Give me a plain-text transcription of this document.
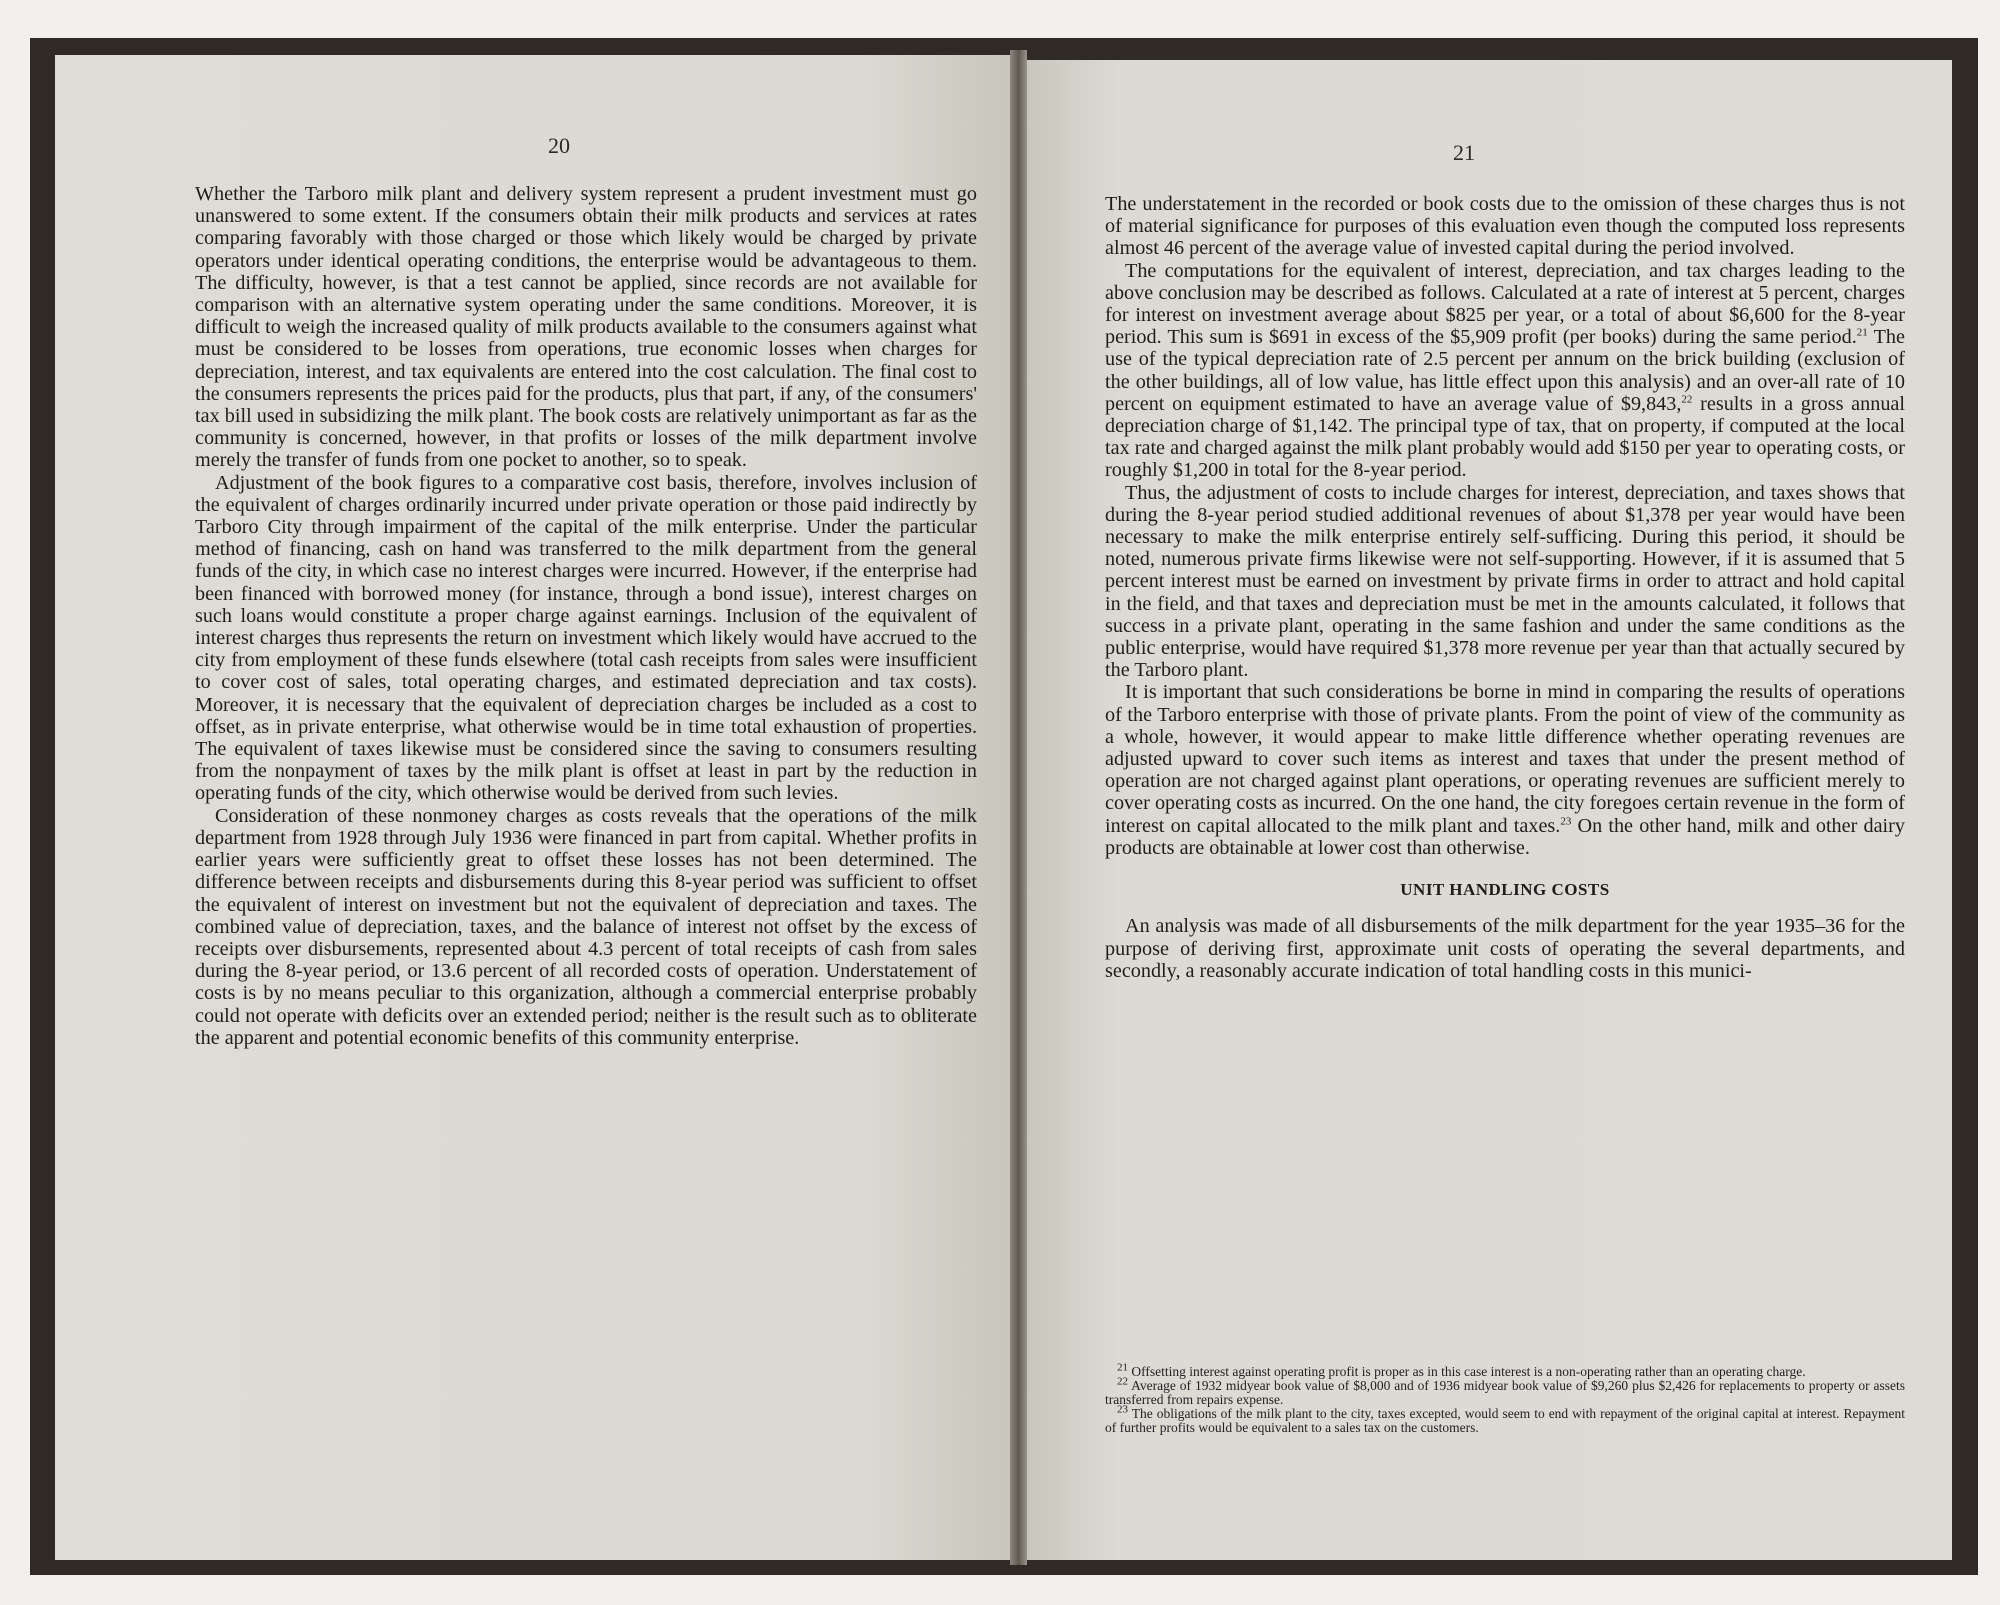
20

Whether the Tarboro milk plant and delivery system represent a prudent investment must go unanswered to some extent. If the consumers obtain their milk products and services at rates comparing favorably with those charged or those which likely would be charged by private operators under identical operating conditions, the enterprise would be advantageous to them. The difficulty, however, is that a test cannot be applied, since records are not available for comparison with an alternative system operating under the same conditions. Moreover, it is difficult to weigh the increased quality of milk products available to the consumers against what must be considered to be losses from operations, true economic losses when charges for depreciation, interest, and tax equivalents are entered into the cost calculation. The final cost to the consumers represents the prices paid for the products, plus that part, if any, of the consumers' tax bill used in subsidizing the milk plant. The book costs are relatively unimportant as far as the community is concerned, however, in that profits or losses of the milk department involve merely the transfer of funds from one pocket to another, so to speak.

Adjustment of the book figures to a comparative cost basis, therefore, involves inclusion of the equivalent of charges ordinarily incurred under private operation or those paid indirectly by Tarboro City through impairment of the capital of the milk enterprise. Under the particular method of financing, cash on hand was transferred to the milk department from the general funds of the city, in which case no interest charges were incurred. However, if the enterprise had been financed with borrowed money (for instance, through a bond issue), interest charges on such loans would constitute a proper charge against earnings. Inclusion of the equivalent of interest charges thus represents the return on investment which likely would have accrued to the city from employment of these funds elsewhere (total cash receipts from sales were insufficient to cover cost of sales, total operating charges, and estimated depreciation and tax costs). Moreover, it is necessary that the equivalent of depreciation charges be included as a cost to offset, as in private enterprise, what otherwise would be in time total exhaustion of properties. The equivalent of taxes likewise must be considered since the saving to consumers resulting from the nonpayment of taxes by the milk plant is offset at least in part by the reduction in operating funds of the city, which otherwise would be derived from such levies.

Consideration of these nonmoney charges as costs reveals that the operations of the milk department from 1928 through July 1936 were financed in part from capital. Whether profits in earlier years were sufficiently great to offset these losses has not been determined. The difference between receipts and disbursements during this 8-year period was sufficient to offset the equivalent of interest on investment but not the equivalent of depreciation and taxes. The combined value of depreciation, taxes, and the balance of interest not offset by the excess of receipts over disbursements, represented about 4.3 percent of total receipts of cash from sales during the 8-year period, or 13.6 percent of all recorded costs of operation. Understatement of costs is by no means peculiar to this organization, although a commercial enterprise probably could not operate with deficits over an extended period; neither is the result such as to obliterate the apparent and potential economic benefits of this community enterprise.

21

The understatement in the recorded or book costs due to the omission of these charges thus is not of material significance for purposes of this evaluation even though the computed loss represents almost 46 percent of the average value of invested capital during the period involved.

The computations for the equivalent of interest, depreciation, and tax charges leading to the above conclusion may be described as follows. Calculated at a rate of interest at 5 percent, charges for interest on investment average about $825 per year, or a total of about $6,600 for the 8-year period. This sum is $691 in excess of the $5,909 profit (per books) during the same period.$^{21}$ The use of the typical depreciation rate of 2.5 percent per annum on the brick building (exclusion of the other buildings, all of low value, has little effect upon this analysis) and an over-all rate of 10 percent on equipment estimated to have an average value of $9,843,22 results in a gross annual depreciation charge of $1,142. The principal type of tax, that on property, if computed at the local tax rate and charged against the milk plant probably would add $150 per year to operating costs, or roughly $1,200 in total for the 8-year period.

Thus, the adjustment of costs to include charges for interest, depreciation, and taxes shows that during the 8-year period studied additional revenues of about $1,378 per year would have been necessary to make the milk enterprise entirely self-sufficing. During this period, it should be noted, numerous private firms likewise were not self-supporting. However, if it is assumed that 5 percent interest must be earned on investment by private firms in order to attract and hold capital in the field, and that taxes and depreciation must be met in the amounts calculated, it follows that success in a private plant, operating in the same fashion and under the same conditions as the public enterprise, would have required $1,378 more revenue per year than that actually secured by the Tarboro plant.

It is important that such considerations be borne in mind in comparing the results of operations of the Tarboro enterprise with those of private plants. From the point of view of the community as a whole, however, it would appear to make little difference whether operating revenues are adjusted upward to cover such items as interest and taxes that under the present method of operation are not charged against plant operations, or operating revenues are sufficient merely to cover operating costs as incurred. On the one hand, the city foregoes certain revenue in the form of interest on capital allocated to the milk plant and taxes.$^{23}$ On the other hand, milk and other dairy products are obtainable at lower cost than otherwise.

UNIT HANDLING COSTS

An analysis was made of all disbursements of the milk department for the year 1935–36 for the purpose of deriving first, approximate unit costs of operating the several departments, and secondly, a reasonably accurate indication of total handling costs in this munici-

$^{21}$ Offsetting interest against operating profit is proper as in this case interest is a non-operating rather than an operating charge.
$^{22}$ Average of 1932 midyear book value of $8,000 and of 1936 midyear book value of $9,260 plus $2,426 for replacements to property or assets transferred from repairs expense.
$^{23}$ The obligations of the milk plant to the city, taxes excepted, would seem to end with repayment of the original capital at interest. Repayment of further profits would be equivalent to a sales tax on the customers.
